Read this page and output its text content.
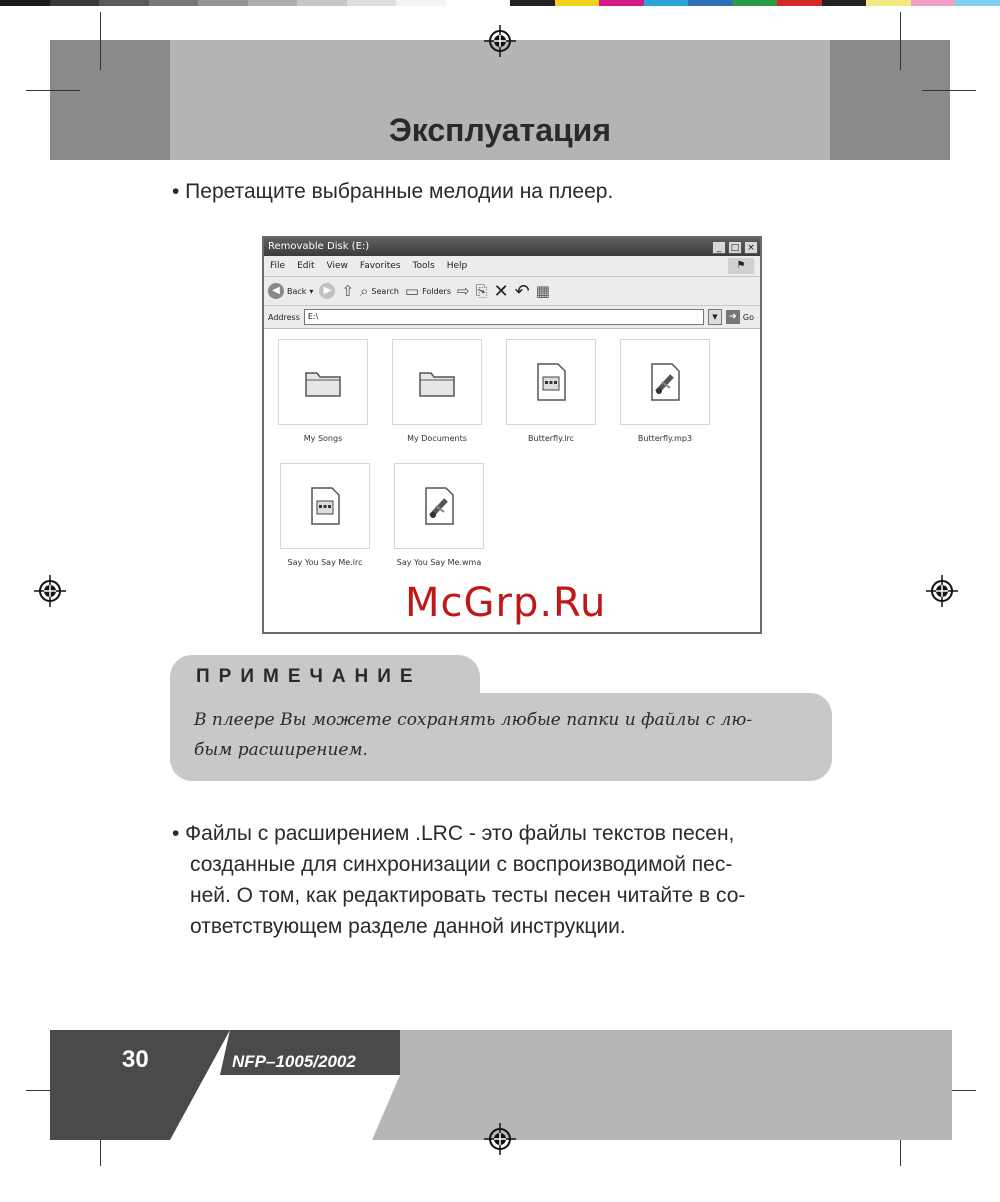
Эксплуатация
• Перетащите выбранные мелодии на плеер.
Removable Disk (E:)	_	□ ×
File Edit View Favorites Tools Help	⚑
◀ Back ▾	▶ ⇧ ⌕ Search ▭ Folders ⇨ ⎘ ✕ ↶ ▦
Address	E:\	▼	➜ Go
My Songs	My Documents	Butterfly.lrc	Butterfly.mp3
Say You Say Me.lrc	Say You Say Me.wma
McGrp.Ru
ПРИМЕЧАНИЕ
В плеере Вы можете сохранять любые папки и файлы с лю-
бым расширением.
• Файлы с расширением .LRC - это файлы текстов песен,
созданные для синхронизации с воспроизводимой пес-
ней. О том, как редактировать тесты песен читайте в со-
ответствующем разделе данной инструкции.
30	NFP–1005/2002
